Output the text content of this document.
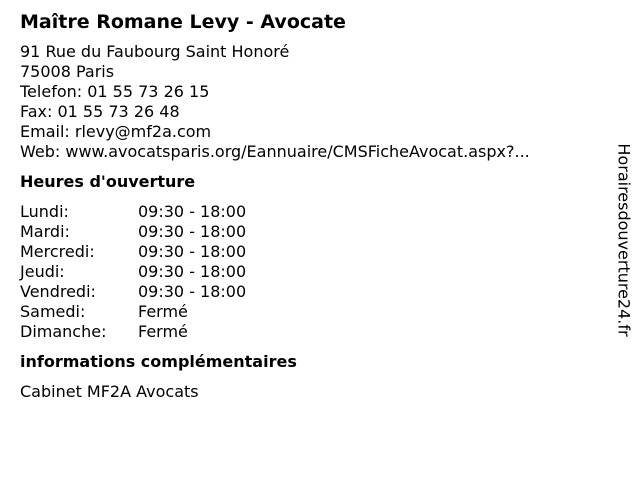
Maître Romane Levy - Avocate
91 Rue du Faubourg Saint Honoré
75008 Paris
Telefon: 01 55 73 26 15
Fax: 01 55 73 26 48
Email: rlevy@mf2a.com
Web: www.avocatsparis.org/Eannuaire/CMSFicheAvocat.aspx?...
Heures d'ouverture
Lundi:	09:30 - 18:00
Mardi:	09:30 - 18:00
Mercredi:	09:30 - 18:00
Jeudi:	09:30 - 18:00
Vendredi:	09:30 - 18:00
Samedi:	Fermé
Dimanche:	Fermé
informations complémentaires
Cabinet MF2A Avocats
Horairesdouverture24.fr
